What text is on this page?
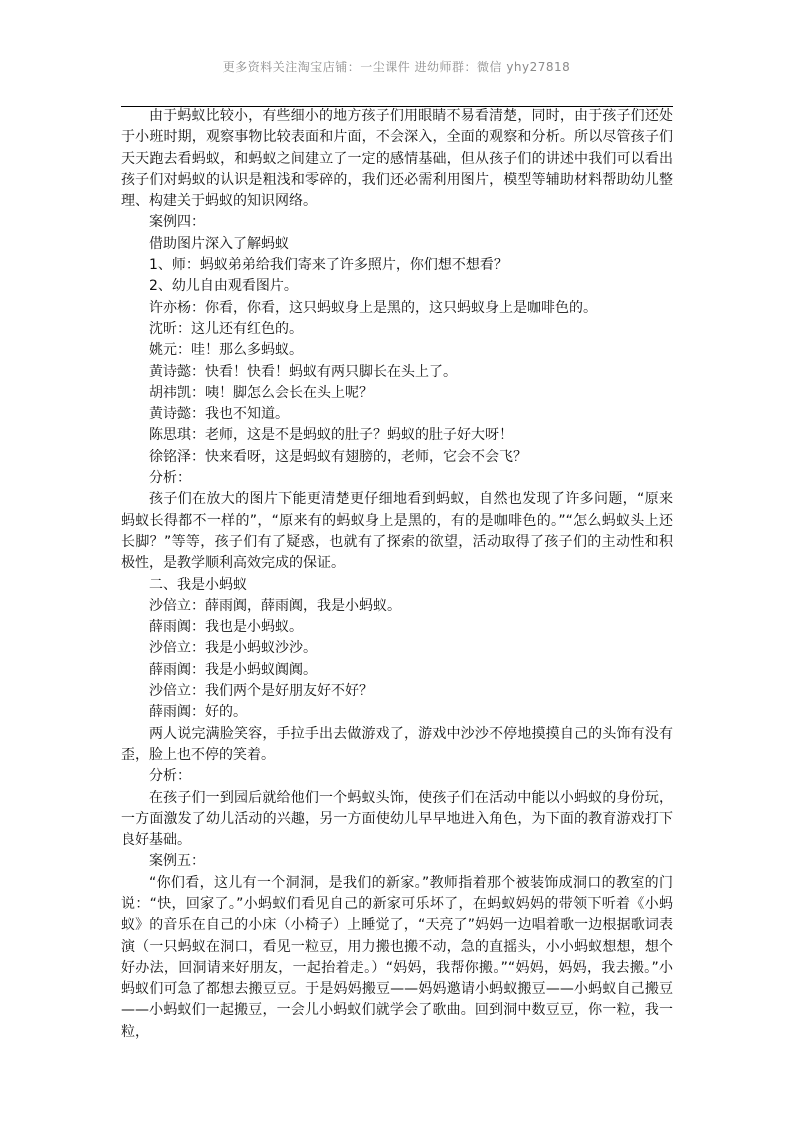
更多资料关注淘宝店铺：一尘课件 进幼师群：微信 yhy27818

由于蚂蚁比较小，有些细小的地方孩子们用眼睛不易看清楚，同时，由于孩子们还处于小班时期，观察事物比较表面和片面，不会深入，全面的观察和分析。所以尽管孩子们天天跑去看蚂蚁，和蚂蚁之间建立了一定的感情基础，但从孩子们的讲述中我们可以看出孩子们对蚂蚁的认识是粗浅和零碎的，我们还必需利用图片，模型等辅助材料帮助幼儿整理、构建关于蚂蚁的知识网络。

案例四：

借助图片深入了解蚂蚁

1、师：蚂蚁弟弟给我们寄来了许多照片，你们想不想看？

2、幼儿自由观看图片。

许亦杨：你看，你看，这只蚂蚁身上是黑的，这只蚂蚁身上是咖啡色的。

沈昕：这儿还有红色的。

姚元：哇！那么多蚂蚁。

黄诗懿：快看！快看！蚂蚁有两只脚长在头上了。

胡祎凯：咦！脚怎么会长在头上呢？

黄诗懿：我也不知道。

陈思琪：老师，这是不是蚂蚁的肚子？蚂蚁的肚子好大呀！

徐铭泽：快来看呀，这是蚂蚁有翅膀的，老师，它会不会飞？

分析：

孩子们在放大的图片下能更清楚更仔细地看到蚂蚁，自然也发现了许多问题，“原来蚂蚁长得都不一样的”，“原来有的蚂蚁身上是黑的，有的是咖啡色的。”“怎么蚂蚁头上还长脚？”等等，孩子们有了疑惑，也就有了探索的欲望，活动取得了孩子们的主动性和积极性，是教学顺利高效完成的保证。

二、我是小蚂蚁

沙倍立：薛雨阗，薛雨阗，我是小蚂蚁。

薛雨阗：我也是小蚂蚁。

沙倍立：我是小蚂蚁沙沙。

薛雨阗：我是小蚂蚁阗阗。

沙倍立：我们两个是好朋友好不好？

薛雨阗：好的。

两人说完满脸笑容，手拉手出去做游戏了，游戏中沙沙不停地摸摸自己的头饰有没有歪，脸上也不停的笑着。

分析：

在孩子们一到园后就给他们一个蚂蚁头饰，使孩子们在活动中能以小蚂蚁的身份玩，一方面激发了幼儿活动的兴趣，另一方面使幼儿早早地进入角色，为下面的教育游戏打下良好基础。

案例五：

“你们看，这儿有一个洞洞，是我们的新家。”教师指着那个被装饰成洞口的教室的门说：“快，回家了。”小蚂蚁们看见自己的新家可乐坏了，在蚂蚁妈妈的带领下听着《小蚂蚁》的音乐在自己的小床（小椅子）上睡觉了，“天亮了”妈妈一边唱着歌一边根据歌词表演（一只蚂蚁在洞口，看见一粒豆，用力搬也搬不动，急的直摇头，小小蚂蚁想想，想个好办法，回洞请来好朋友，一起抬着走。）“妈妈，我帮你搬。”“妈妈，妈妈，我去搬。”小蚂蚁们可急了都想去搬豆豆。于是妈妈搬豆——妈妈邀请小蚂蚁搬豆——小蚂蚁自己搬豆——小蚂蚁们一起搬豆，一会儿小蚂蚁们就学会了歌曲。回到洞中数豆豆，你一粒，我一粒，
